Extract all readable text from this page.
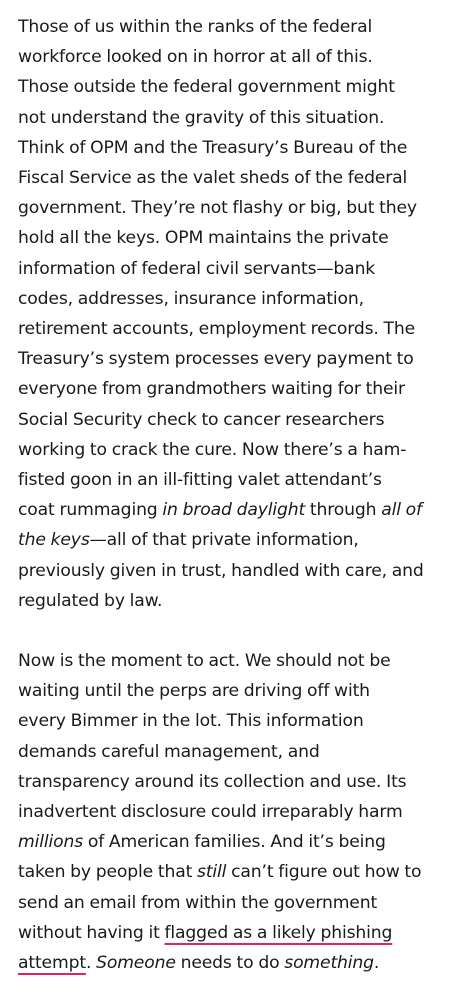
Those of us within the ranks of the federal
workforce looked on in horror at all of this.
Those outside the federal government might
not understand the gravity of this situation.
Think of OPM and the Treasury’s Bureau of the
Fiscal Service as the valet sheds of the federal
government. They’re not flashy or big, but they
hold all the keys. OPM maintains the private
information of federal civil servants—bank
codes, addresses, insurance information,
retirement accounts, employment records. The
Treasury’s system processes every payment to
everyone from grandmothers waiting for their
Social Security check to cancer researchers
working to crack the cure. Now there’s a ham-
fisted goon in an ill-fitting valet attendant’s
coat rummaging in broad daylight through all of
the keys—all of that private information,
previously given in trust, handled with care, and
regulated by law.

Now is the moment to act. We should not be
waiting until the perps are driving off with
every Bimmer in the lot. This information
demands careful management, and
transparency around its collection and use. Its
inadvertent disclosure could irreparably harm
millions of American families. And it’s being
taken by people that still can’t figure out how to
send an email from within the government
without having it flagged as a likely phishing
attempt. Someone needs to do something.
